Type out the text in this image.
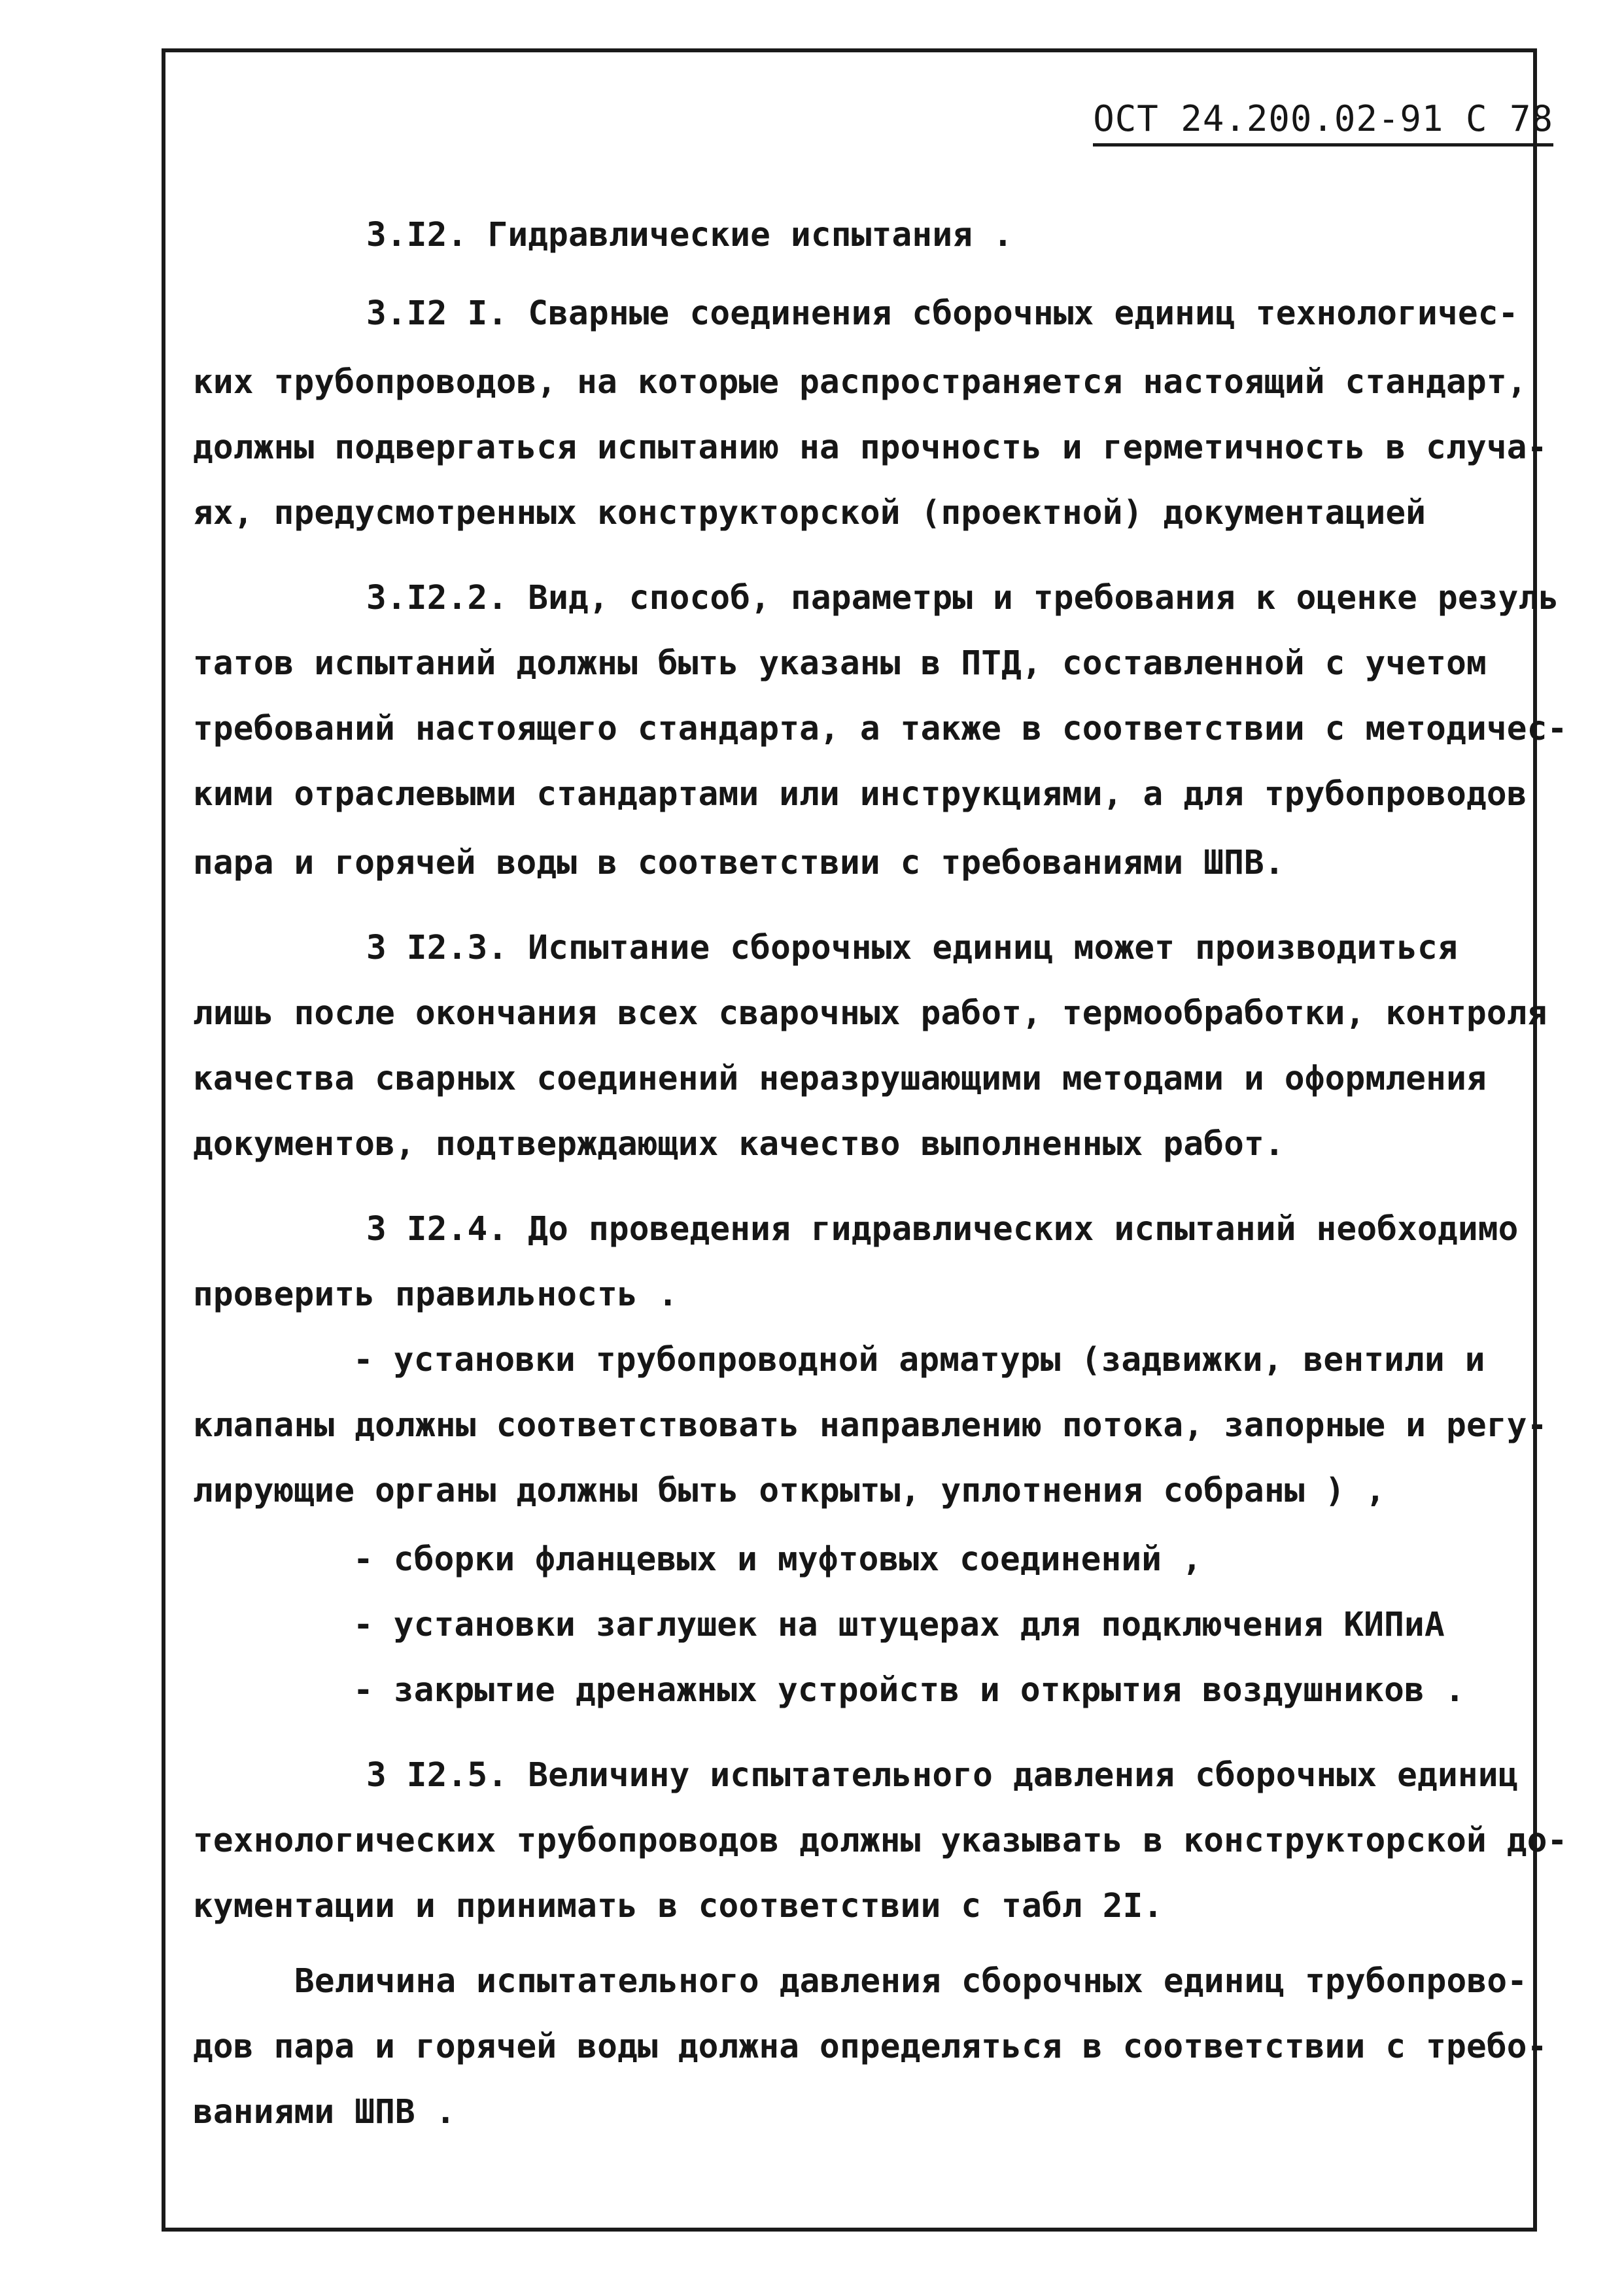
ОСТ 24.200.02-91 С 78
3.I2. Гидравлические испытания .
3.I2 I. Сварные соединения сборочных единиц технологичес-
ких трубопроводов, на которые распространяется настоящий стандарт,
должны подвергаться испытанию на прочность и герметичность в случа-
ях, предусмотренных конструкторской (проектной) документацией
3.I2.2. Вид, способ, параметры и требования к оценке резуль
татов испытаний должны быть указаны в ПТД, составленной с учетом
требований настоящего стандарта, а также в соответствии с методичес-
кими отраслевыми стандартами или инструкциями, а для трубопроводов
пара и горячей воды в соответствии с требованиями ШПВ.
3 I2.3. Испытание сборочных единиц может производиться
лишь после окончания всех сварочных работ, термообработки, контроля
качества сварных соединений неразрушающими методами и оформления
документов, подтверждающих качество выполненных работ.
3 I2.4. До проведения гидравлических испытаний необходимо
проверить правильность .
- установки трубопроводной арматуры (задвижки, вентили и
клапаны должны соответствовать направлению потока, запорные и регу-
лирующие органы должны быть открыты, уплотнения собраны ) ,
- сборки фланцевых и муфтовых соединений ,
- установки заглушек на штуцерах для подключения КИПиА
- закрытие дренажных устройств и открытия воздушников .
3 I2.5. Величину испытательного давления сборочных единиц
технологических трубопроводов должны указывать в конструкторской до-
кументации и принимать в соответствии с табл 2I.
Величина испытательного давления сборочных единиц трубопрово-
дов пара и горячей воды должна определяться в соответствии с требо-
ваниями ШПВ .
